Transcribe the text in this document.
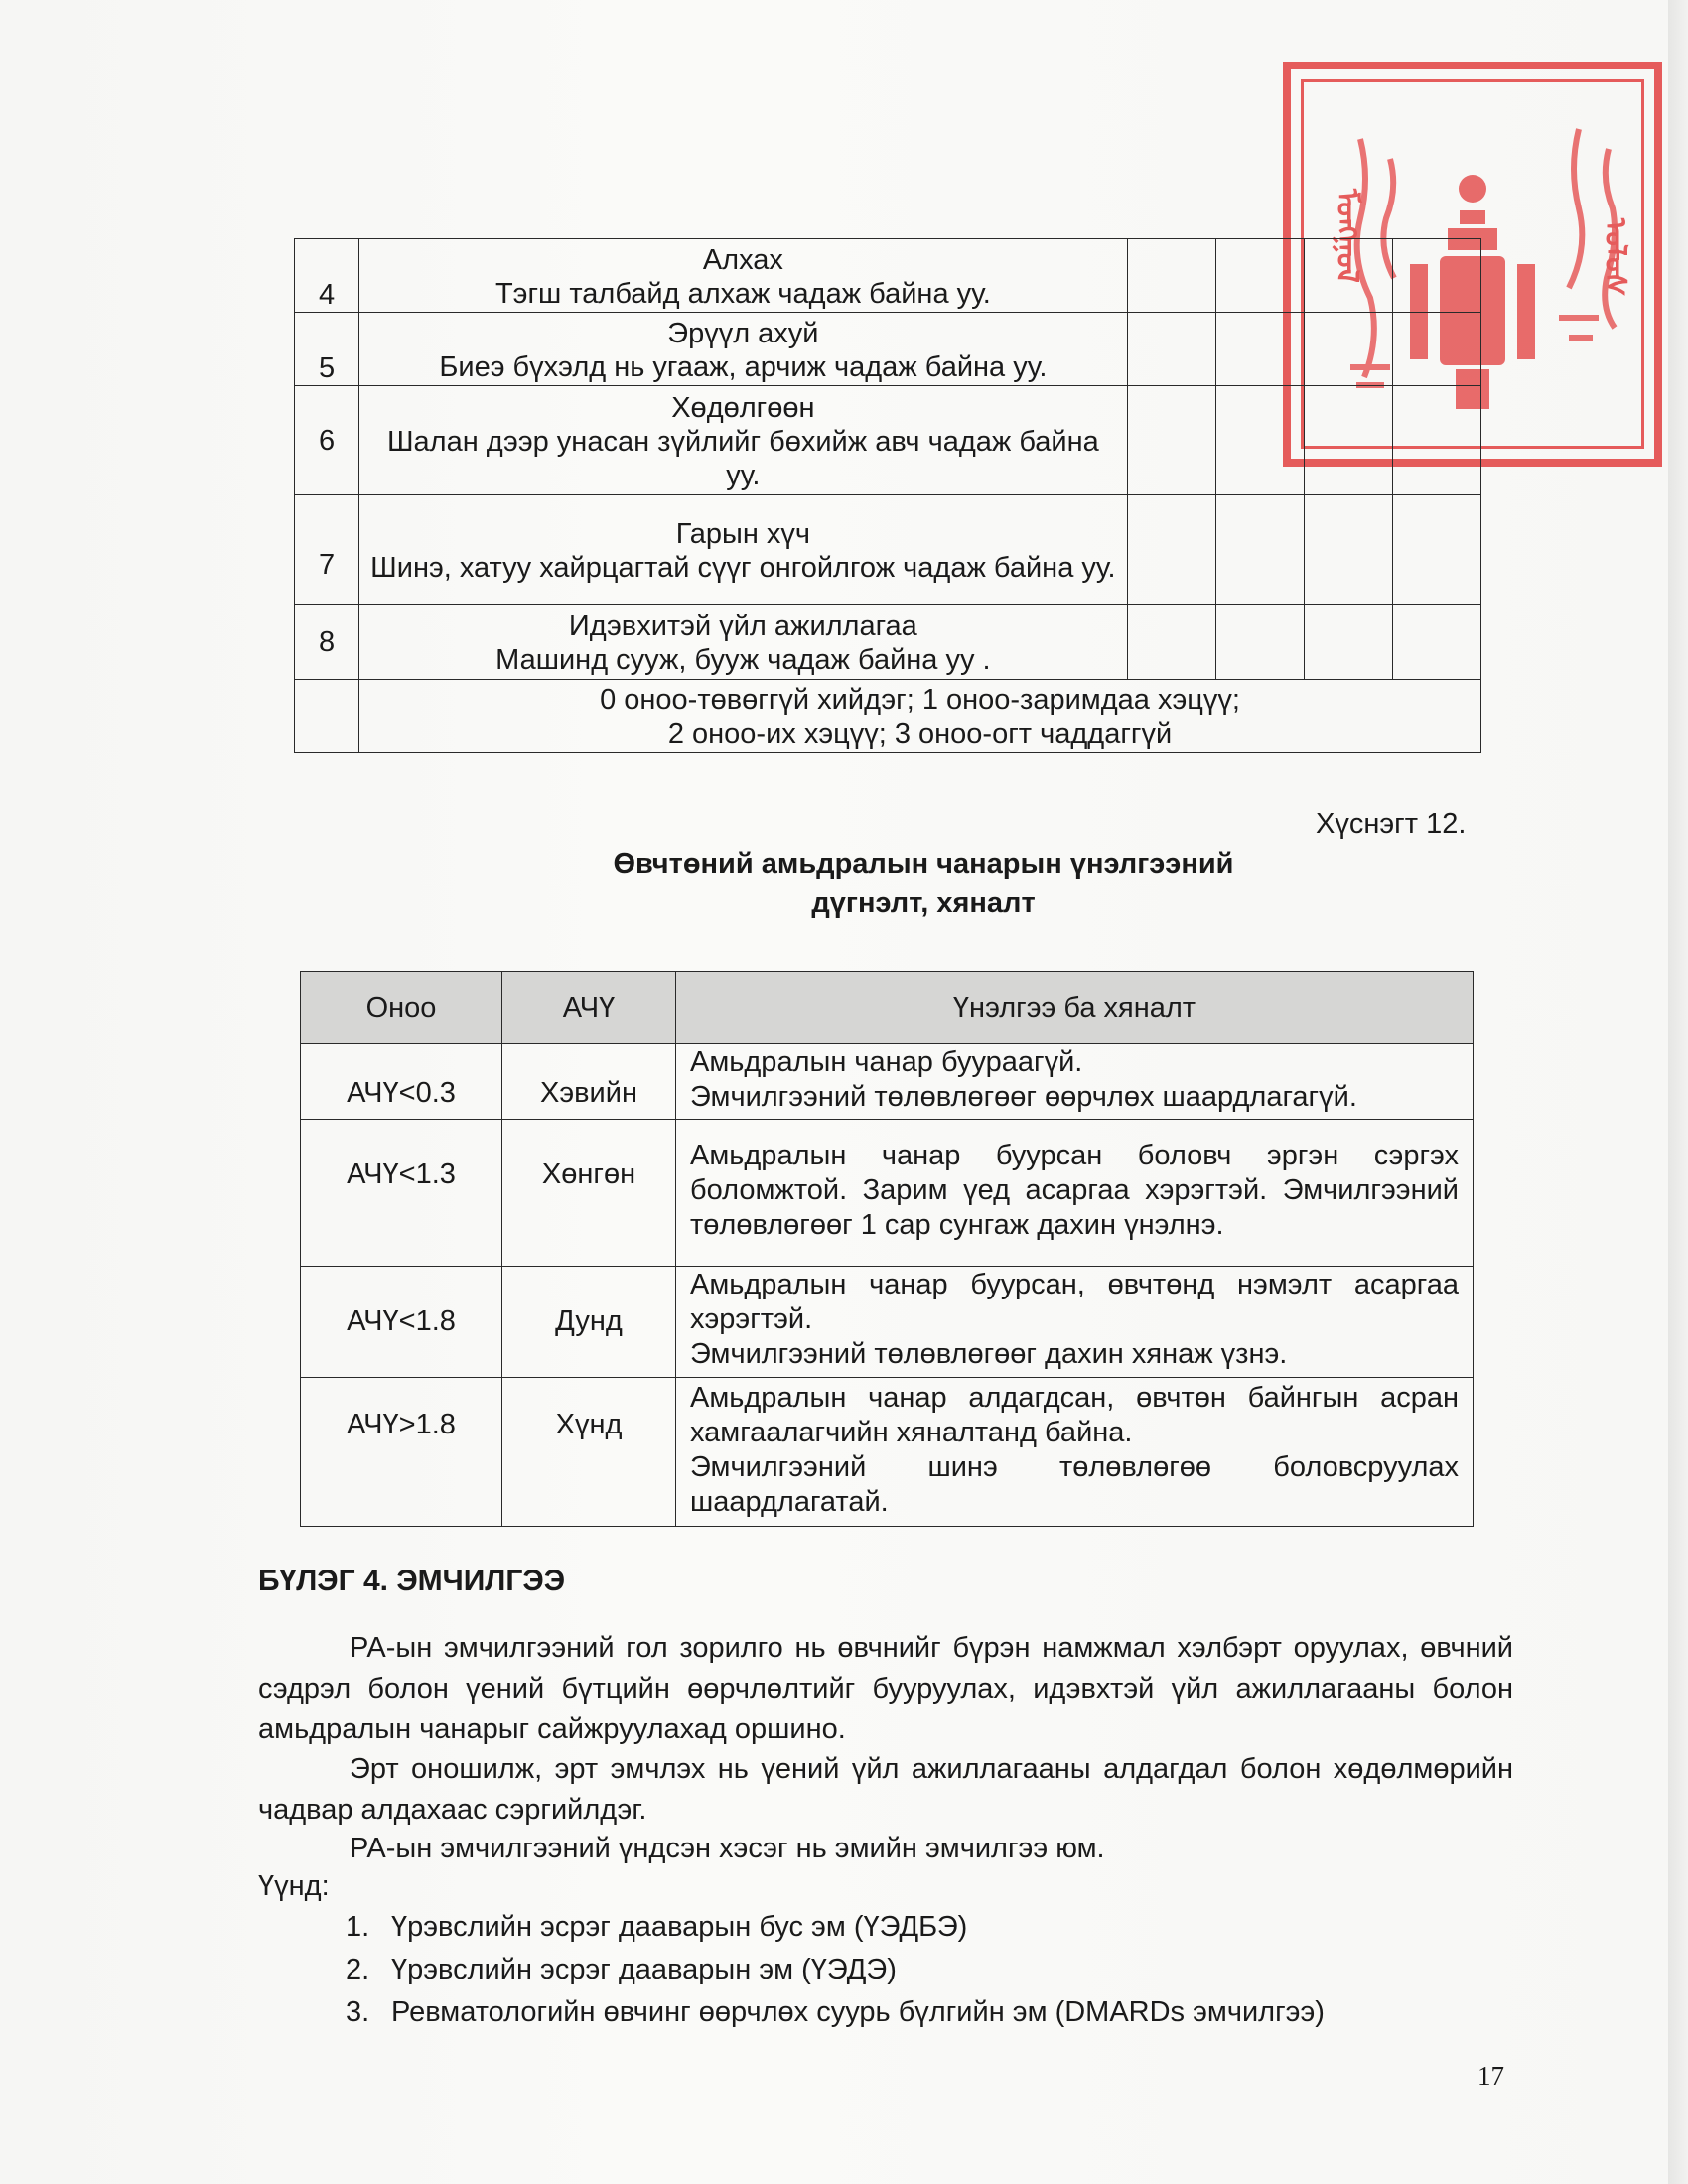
ᠮᠣᠩᠭᠣᠯ	ᠤᠯᠤᠰ
4	Алхах
Тэгш талбайд алхаж чадаж байна уу.				

5	Эрүүл ахуй
Биеэ бүхэлд нь угааж, арчиж чадаж байна уу.				

6	Хөдөлгөөн
Шалан дээр унасан зүйлийг бөхийж авч чадаж байна уу.				

7	Гарын хүч
Шинэ, хатуу хайрцагтай сүүг онгойлгож чадаж байна уу.				

8	Идэвхитэй үйл ажиллагаа
Машинд сууж, бууж чадаж байна уу .				

	0 оноо-төвөггүй хийдэг; 1 оноо-заримдаа хэцүү;
2 оноо-их хэцүү; 3 оноо-огт чаддаггүй				
Хүснэгт 12.
Өвчтөний амьдралын чанарын үнэлгээний
дүгнэлт, хяналт
Оноо	АЧҮ	Үнэлгээ ба хяналт
АЧҮ<0.3	Хэвийн	Амьдралын чанар буураагүй.
Эмчилгээний төлөвлөгөөг өөрчлөх шаардлагагүй.

АЧҮ<1.3	Хөнгөн	Амьдралын чанар буурсан боловч эргэн сэргэх боломжтой. Зарим үед асаргаа хэрэгтэй. Эмчилгээний төлөвлөгөөг 1 сар сунгаж дахин үнэлнэ.

АЧҮ<1.8	Дунд	Амьдралын чанар буурсан, өвчтөнд нэмэлт асаргаа хэрэгтэй.
Эмчилгээний төлөвлөгөөг дахин хянаж үзнэ.

АЧҮ>1.8	Хүнд	Амьдралын чанар алдагдсан, өвчтөн байнгын асран хамгаалагчийн хяналтанд байна.
Эмчилгээний шинэ төлөвлөгөө боловсруулах шаардлагатай.
БҮЛЭГ 4. ЭМЧИЛГЭЭ
РА-ын эмчилгээний гол зорилго нь өвчнийг бүрэн намжмал хэлбэрт оруулах, өвчний сэдрэл болон үений бүтцийн өөрчлөлтийг бууруулах, идэвхтэй үйл ажиллагааны болон амьдралын чанарыг сайжруулахад оршино.
Эрт оношилж, эрт эмчлэх нь үений үйл ажиллагааны алдагдал болон хөдөлмөрийн чадвар алдахаас сэргийлдэг.
РА-ын эмчилгээний үндсэн хэсэг нь эмийн эмчилгээ юм.
Үүнд:
1. Үрэвслийн эсрэг дааварын бус эм (ҮЭДБЭ)
2. Үрэвслийн эсрэг дааварын эм (ҮЭДЭ)
3. Ревматологийн өвчинг өөрчлөх суурь бүлгийн эм (DMARDs эмчилгээ)
17
